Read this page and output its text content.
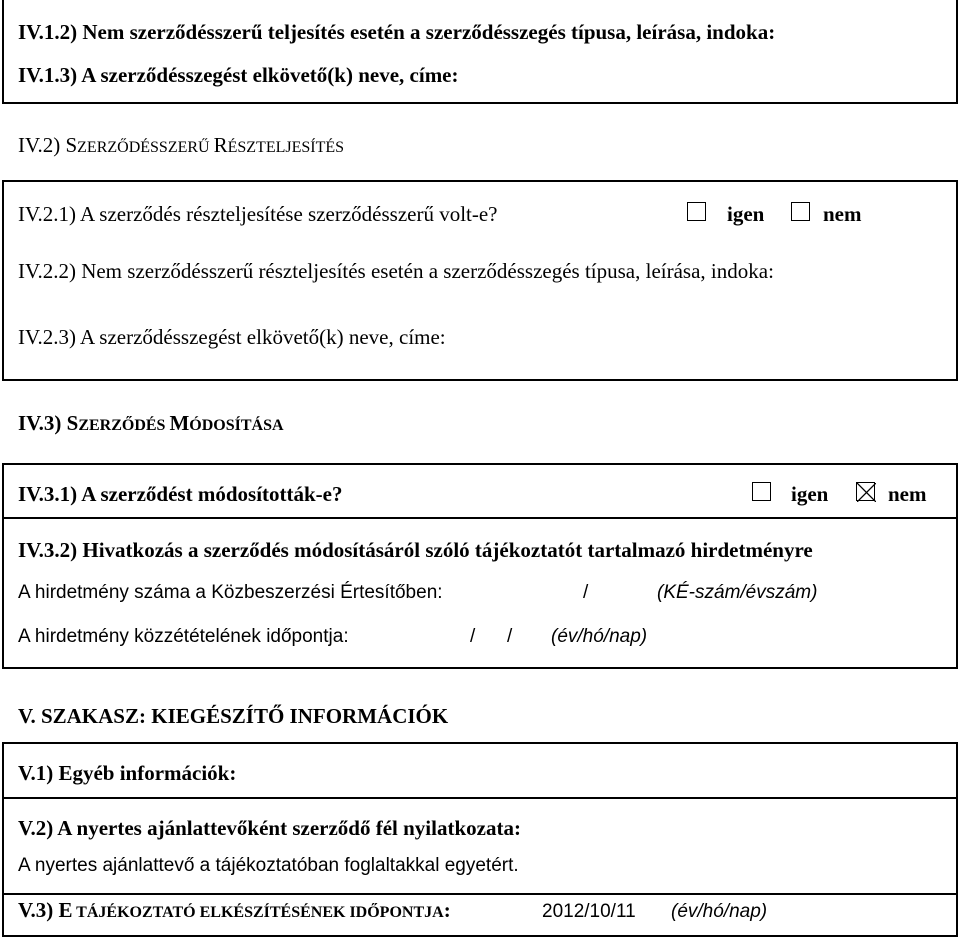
IV.1.2) Nem szerződésszerű teljesítés esetén a szerződésszegés típusa, leírása, indoka:
IV.1.3) A szerződésszegést elkövető(k) neve, címe:
IV.2) SZERZŐDÉSSZERŰ RÉSZTELJESÍTÉS
IV.2.1) A szerződés részteljesítése szerződésszerű volt-e?	igen	nem
IV.2.2) Nem szerződésszerű részteljesítés esetén a szerződésszegés típusa, leírása, indoka:
IV.2.3) A szerződésszegést elkövető(k) neve, címe:
IV.3) SZERZŐDÉS MÓDOSÍTÁSA
IV.3.1) A szerződést módosították-e?	igen	nem
IV.3.2) Hivatkozás a szerződés módosításáról szóló tájékoztatót tartalmazó hirdetményre
A hirdetmény száma a Közbeszerzési Értesítőben:	/	(KÉ-szám/évszám)
A hirdetmény közzétételének időpontja:	/ / (év/hó/nap)
V. SZAKASZ: KIEGÉSZÍTŐ INFORMÁCIÓK
V.1) Egyéb információk:
V.2) A nyertes ajánlattevőként szerződő fél nyilatkozata:
A nyertes ajánlattevő a tájékoztatóban foglaltakkal egyetért.
V.3) E TÁJÉKOZTATÓ ELKÉSZÍTÉSÉNEK IDŐPONTJA:	2012/10/11 (év/hó/nap)
